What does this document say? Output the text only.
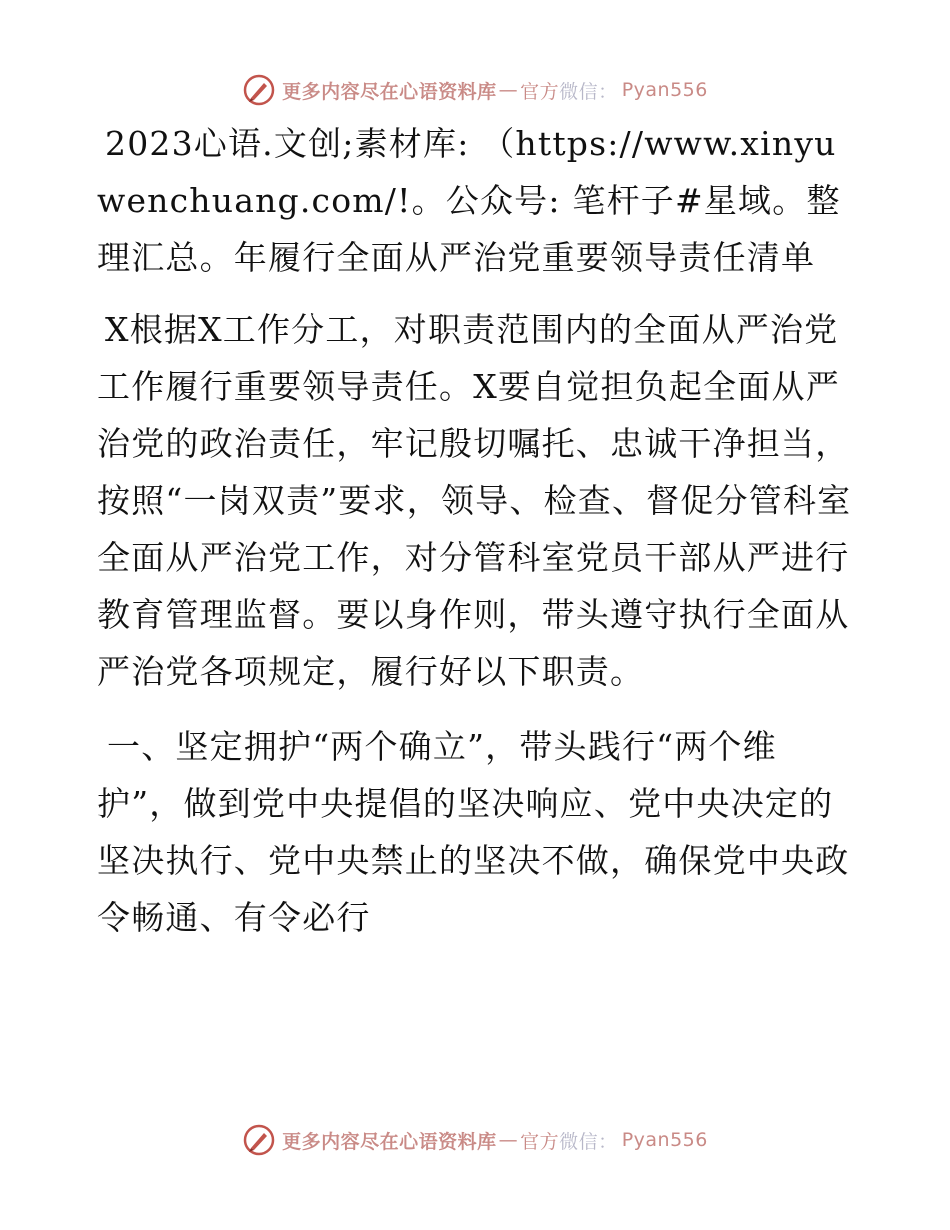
更多内容尽在心语资料库 — 官方 微信： Pyan556

2023心语.文创;素材库: （https://www.xinyuwenchuang.com/!。公众号: 笔杆子#星域。整理汇总。年履行全面从严治党重要领导责任清单

X根据X工作分工，对职责范围内的全面从严治党工作履行重要领导责任。X要自觉担负起全面从严治党的政治责任，牢记殷切嘱托、忠诚干净担当，按照“一岗双责”要求，领导、检查、督促分管科室全面从严治党工作，对分管科室党员干部从严进行教育管理监督。要以身作则，带头遵守执行全面从严治党各项规定，履行好以下职责。

一、坚定拥护“两个确立”，带头践行“两个维护”，做到党中央提倡的坚决响应、党中央决定的坚决执行、党中央禁止的坚决不做，确保党中央政令畅通、有令必行

更多内容尽在心语资料库 — 官方 微信： Pyan556
